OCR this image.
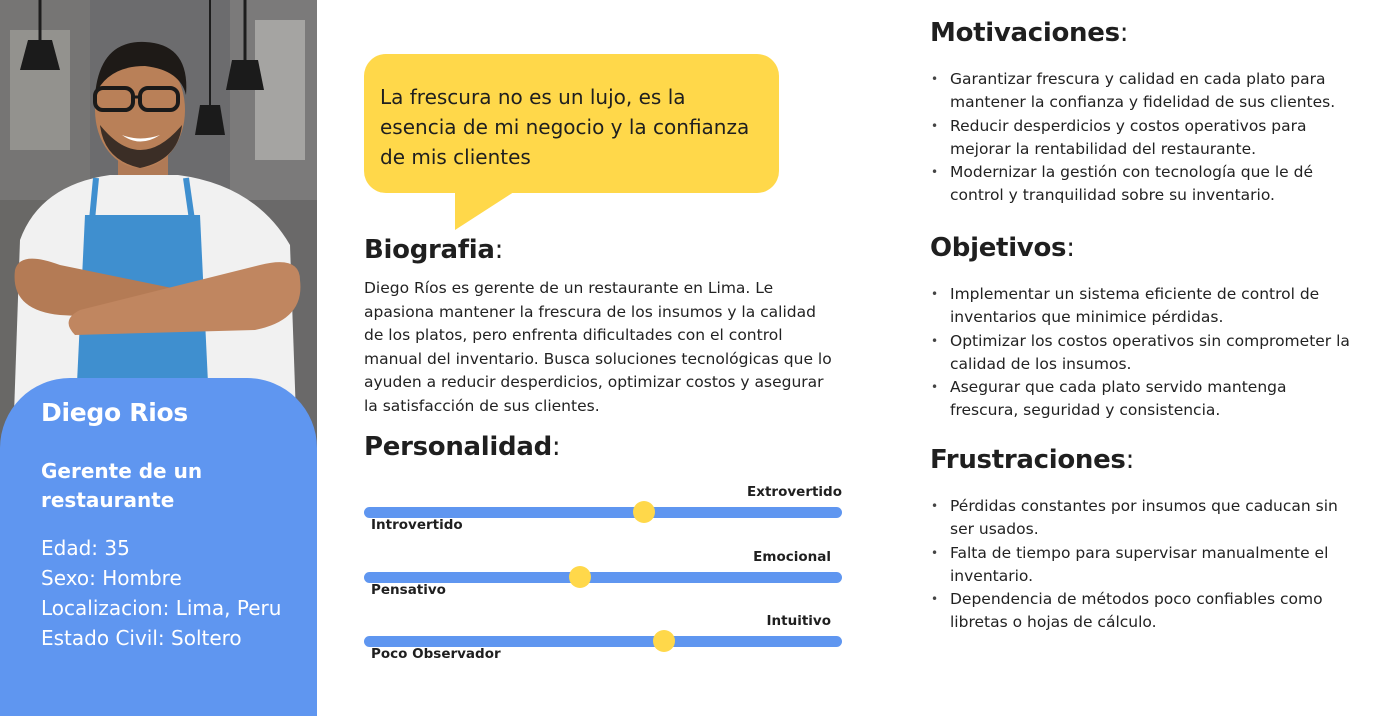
Diego Rios
Gerente de un restaurante
Edad: 35
Sexo: Hombre
Localizacion: Lima, Peru
Estado Civil: Soltero
La frescura no es un lujo, es la esencia de mi negocio y la confianza de mis clientes
Biografia:
Diego Ríos es gerente de un restaurante en Lima. Le apasiona mantener la frescura de los insumos y la calidad de los platos, pero enfrenta dificultades con el control manual del inventario. Busca soluciones tecnológicas que lo ayuden a reducir desperdicios, optimizar costos y asegurar la satisfacción de sus clientes.
Personalidad:
Extrovertido
Introvertido
Emocional
Pensativo
Intuitivo
Poco Observador
Motivaciones:
• Garantizar frescura y calidad en cada plato para mantener la confianza y fidelidad de sus clientes.
• Reducir desperdicios y costos operativos para mejorar la rentabilidad del restaurante.
• Modernizar la gestión con tecnología que le dé control y tranquilidad sobre su inventario.
Objetivos:
• Implementar un sistema eficiente de control de inventarios que minimice pérdidas.
• Optimizar los costos operativos sin comprometer la calidad de los insumos.
• Asegurar que cada plato servido mantenga frescura, seguridad y consistencia.
Frustraciones:
• Pérdidas constantes por insumos que caducan sin ser usados.
• Falta de tiempo para supervisar manualmente el inventario.
• Dependencia de métodos poco confiables como libretas o hojas de cálculo.
